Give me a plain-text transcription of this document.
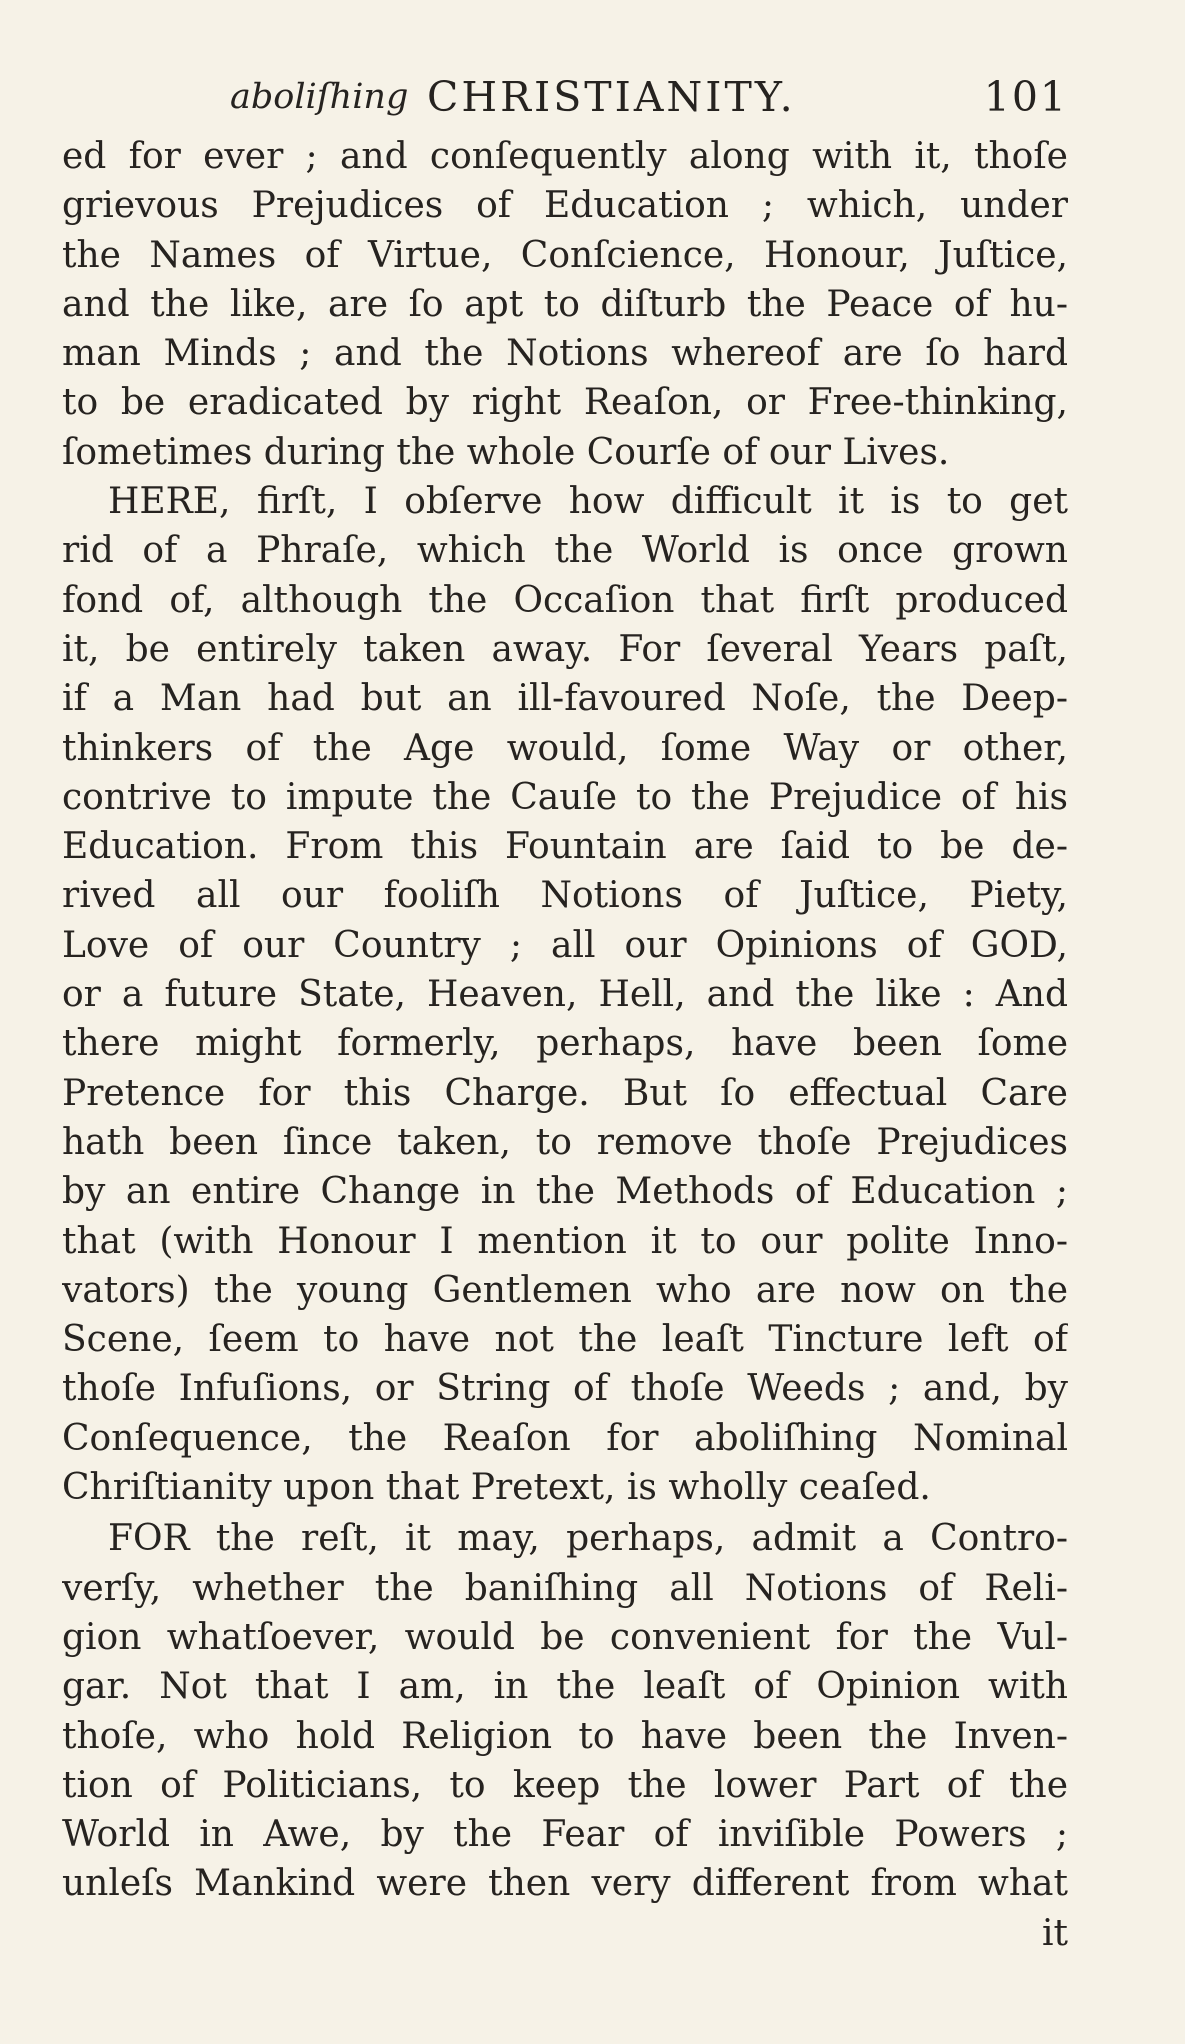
aboliſhing CHRISTIANITY.	101
ed for ever ; and conſequently along with it, thoſe
grievous Prejudices of Education ; which, under
the Names of Virtue, Conſcience, Honour, Juſtice,
and the like, are ſo apt to diſturb the Peace of hu-
man Minds ; and the Notions whereof are ſo hard
to be eradicated by right Reaſon, or Free-thinking,
ſometimes during the whole Courſe of our Lives.
HERE, firſt, I obſerve how difficult it is to get
rid of a Phraſe, which the World is once grown
fond of, although the Occaſion that firſt produced
it, be entirely taken away. For ſeveral Years paſt,
if a Man had but an ill-favoured Noſe, the Deep-
thinkers of the Age would, ſome Way or other,
contrive to impute the Cauſe to the Prejudice of his
Education. From this Fountain are ſaid to be de-
rived all our fooliſh Notions of Juſtice, Piety,
Love of our Country ; all our Opinions of GOD,
or a future State, Heaven, Hell, and the like : And
there might formerly, perhaps, have been ſome
Pretence for this Charge. But ſo effectual Care
hath been ſince taken, to remove thoſe Prejudices
by an entire Change in the Methods of Education ;
that (with Honour I mention it to our polite Inno-
vators) the young Gentlemen who are now on the
Scene, ſeem to have not the leaſt Tincture left of
thoſe Infuſions, or String of thoſe Weeds ; and, by
Conſequence, the Reaſon for aboliſhing Nominal
Chriſtianity upon that Pretext, is wholly ceaſed.
FOR the reſt, it may, perhaps, admit a Contro-
verſy, whether the baniſhing all Notions of Reli-
gion whatſoever, would be convenient for the Vul-
gar. Not that I am, in the leaſt of Opinion with
thoſe, who hold Religion to have been the Inven-
tion of Politicians, to keep the lower Part of the
World in Awe, by the Fear of inviſible Powers ;
unleſs Mankind were then very different from what
it
